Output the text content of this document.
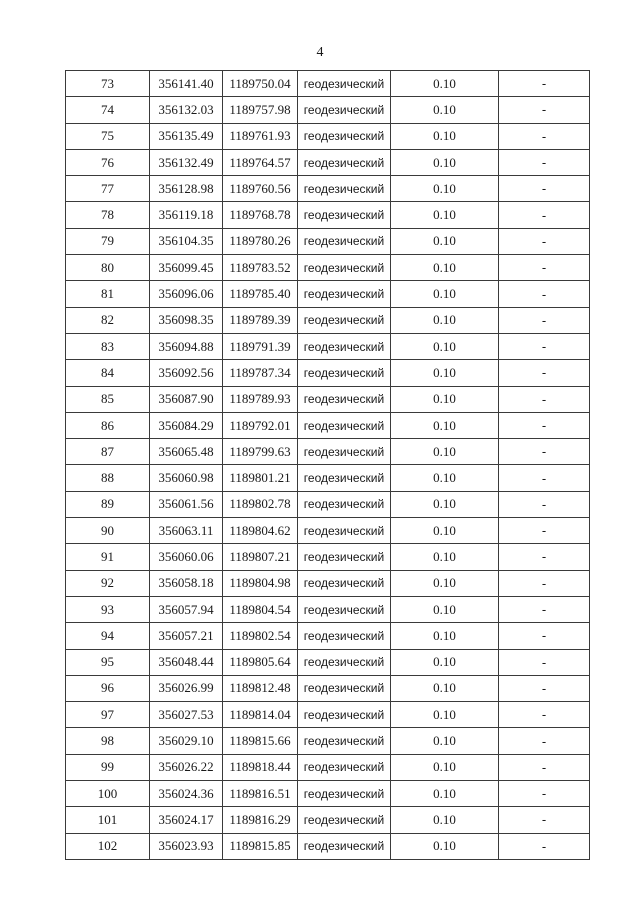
4
73	356141.40	1189750.04	геодезический	0.10	-
74	356132.03	1189757.98	геодезический	0.10	-
75	356135.49	1189761.93	геодезический	0.10	-
76	356132.49	1189764.57	геодезический	0.10	-
77	356128.98	1189760.56	геодезический	0.10	-
78	356119.18	1189768.78	геодезический	0.10	-
79	356104.35	1189780.26	геодезический	0.10	-
80	356099.45	1189783.52	геодезический	0.10	-
81	356096.06	1189785.40	геодезический	0.10	-
82	356098.35	1189789.39	геодезический	0.10	-
83	356094.88	1189791.39	геодезический	0.10	-
84	356092.56	1189787.34	геодезический	0.10	-
85	356087.90	1189789.93	геодезический	0.10	-
86	356084.29	1189792.01	геодезический	0.10	-
87	356065.48	1189799.63	геодезический	0.10	-
88	356060.98	1189801.21	геодезический	0.10	-
89	356061.56	1189802.78	геодезический	0.10	-
90	356063.11	1189804.62	геодезический	0.10	-
91	356060.06	1189807.21	геодезический	0.10	-
92	356058.18	1189804.98	геодезический	0.10	-
93	356057.94	1189804.54	геодезический	0.10	-
94	356057.21	1189802.54	геодезический	0.10	-
95	356048.44	1189805.64	геодезический	0.10	-
96	356026.99	1189812.48	геодезический	0.10	-
97	356027.53	1189814.04	геодезический	0.10	-
98	356029.10	1189815.66	геодезический	0.10	-
99	356026.22	1189818.44	геодезический	0.10	-
100	356024.36	1189816.51	геодезический	0.10	-
101	356024.17	1189816.29	геодезический	0.10	-
102	356023.93	1189815.85	геодезический	0.10	-
